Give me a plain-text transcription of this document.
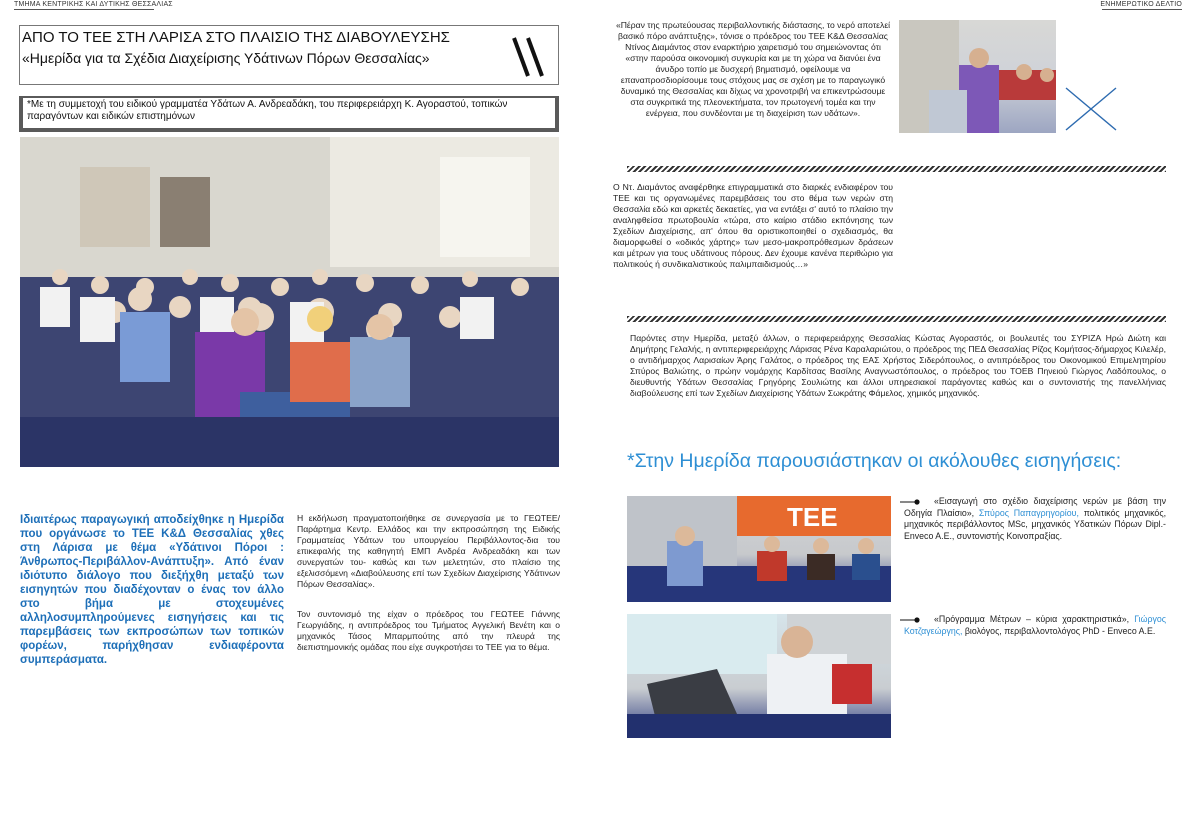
ΤΜΗΜΑ ΚΕΝΤΡΙΚΗΣ ΚΑΙ ΔΥΤΙΚΗΣ ΘΕΣΣΑΛΙΑΣ	ΕΝΗΜΕΡΩΤΙΚΟ ΔΕΛΤΙΟ
ΑΠΟ ΤΟ ΤΕΕ ΣΤΗ ΛΑΡΙΣΑ ΣΤΟ ΠΛΑΙΣΙΟ ΤΗΣ ΔΙΑΒΟΥΛΕΥΣΗΣ
«Ημερίδα για τα Σχέδια Διαχείρισης Υδάτινων Πόρων Θεσσαλίας»
*Με τη συμμετοχή του ειδικού γραμματέα Υδάτων Α. Ανδρεαδάκη, του περιφερειάρχη Κ. Αγοραστού, τοπικών παραγόντων και ειδικών επιστημόνων
Ιδιαιτέρως παραγωγική αποδείχθηκε η Ημερίδα που οργάνωσε το ΤΕΕ Κ&Δ Θεσσαλίας χθες στη Λάρισα με θέμα «Υδάτινοι Πόροι : Άνθρωπος-Περιβάλλον-Ανάπτυξη». Από έναν ιδιότυπο διάλογο που διεξήχθη μεταξύ των εισηγητών που διαδέχονταν ο ένας τον άλλο στο βήμα με στοχευμένες αλληλοσυμπληρούμενες εισηγήσεις και τις παρεμβάσεις των εκπροσώπων των τοπικών φορέων, παρήχθησαν ενδιαφέροντα συμπεράσματα.
Η εκδήλωση πραγματοποιήθηκε σε συνεργασία με το ΓΕΩΤΕΕ/Παράρτημα Κεντρ. Ελλάδος και την εκπροσώπηση της Ειδικής Γραμματείας Υδάτων του υπουργείου Περιβάλλοντος-δια του επικεφαλής της καθηγητή ΕΜΠ Ανδρέα Ανδρεαδάκη και των συνεργατών του- καθώς και των μελετητών, στο πλαίσιο της εξελισσόμενη «Διαβούλευσης επί των Σχεδίων Διαχείρισης Υδάτινων Πόρων Θεσσαλίας».
Τον συντονισμό της είχαν ο πρόεδρος του ΓΕΩΤΕΕ Γιάννης Γεωργιάδης, η αντιπρόεδρος του Τμήματος Αγγελική Βενέτη και ο μηχανικός Τάσος Μπαρμπούτης από την πλευρά της διεπιστημονικής ομάδας που είχε συγκροτήσει το ΤΕΕ για το θέμα.
«Πέραν της πρωτεύουσας περιβαλλοντικής διάστασης, το νερό αποτελεί βασικό πόρο ανάπτυξης», τόνισε ο πρόεδρος του ΤΕΕ Κ&Δ Θεσσαλίας Ντίνος Διαμάντος στον εναρκτήριο χαιρετισμό του σημειώνοντας ότι «στην παρούσα οικονομική συγκυρία και με τη χώρα να διανύει ένα άνυδρο τοπίο με δυσχερή βηματισμό, οφείλουμε να επαναπροσδιορίσουμε τους στόχους μας σε σχέση με το παραγωγικό δυναμικό της Θεσσαλίας και δίχως να χρονοτριβή να επικεντρώσουμε στα συγκριτικά της πλεονεκτήματα, τον πρωτογενή τομέα και την ενέργεια, που συνδέονται με τη διαχείριση των υδάτων».
Ο Ντ. Διαμάντος αναφέρθηκε επιγραμματικά στο διαρκές ενδιαφέρον του ΤΕΕ και τις οργανωμένες παρεμβάσεις του στο θέμα των νερών στη Θεσσαλία εδώ και αρκετές δεκαετίες, για να εντάξει σ' αυτό το πλαίσιο την αναληφθείσα πρωτοβουλία «τώρα, στο καίριο στάδιο εκπόνησης των Σχεδίων Διαχείρισης, απ' όπου θα οριστικοποιηθεί ο σχεδιασμός, θα διαμορφωθεί ο «οδικός χάρτης» των μεσο-μακροπρόθεσμων δράσεων και μέτρων για τους υδάτινους πόρους. Δεν έχουμε κανένα περιθώριο για πολιτικούς ή συνδικαλιστικούς παλιμπαιδισμούς…»
Παρόντες στην Ημερίδα, μεταξύ άλλων, ο περιφερειάρχης Θεσσαλίας Κώστας Αγοραστός, οι βουλευτές του ΣΥΡΙΖΑ Ηρώ Διώτη και Δημήτρης Γελαλής, η αντιπεριφερειάρχης Λάρισας Ρένα Καραλαριώτου, ο πρόεδρος της ΠΕΔ Θεσσαλίας Ρίζος Κομήτσος-δήμαρχος Κιλελέρ, ο αντιδήμαρχος Λαρισαίων Άρης Γαλάτος, ο πρόεδρος της ΕΑΣ Χρήστος Σιδερόπουλος, ο αντιπρόεδρος του Οικονομικού Επιμελητηρίου Σπύρος Βαλιώτης, ο πρώην νομάρχης Καρδίτσας Βασίλης Αναγνωστόπουλος, ο πρόεδρος του ΤΟΕΒ Πηνειού Γιώργος Λαδόπουλος, ο διευθυντής Υδάτων Θεσσαλίας Γρηγόρης Σουλιώτης και άλλοι υπηρεσιακοί παράγοντες καθώς και ο συντονιστής της πανελλήνιας διαβούλευσης επί των Σχεδίων Διαχείρισης Υδάτων Σωκράτης Φάμελος, χημικός μηχανικός.
*Στην Ημερίδα παρουσιάστηκαν οι ακόλουθες εισηγήσεις:
ΤΕΕ
«Εισαγωγή στο σχέδιο διαχείρισης νερών με βάση την Οδηγία Πλαίσιο», Σπύρος Παπαγρηγορίου, πολιτικός μηχανικός, μηχανικός περιβάλλοντος MSc, μηχανικός Υδατικών Πόρων Dipl.- Enveco A.E., συντονιστής Κοινοπραξίας.
«Πρόγραμμα Μέτρων – κύρια χαρακτηριστικά», Γιώργος Κοτζαγεώργης, βιολόγος, περιβαλλοντολόγος PhD - Enveco A.E.
